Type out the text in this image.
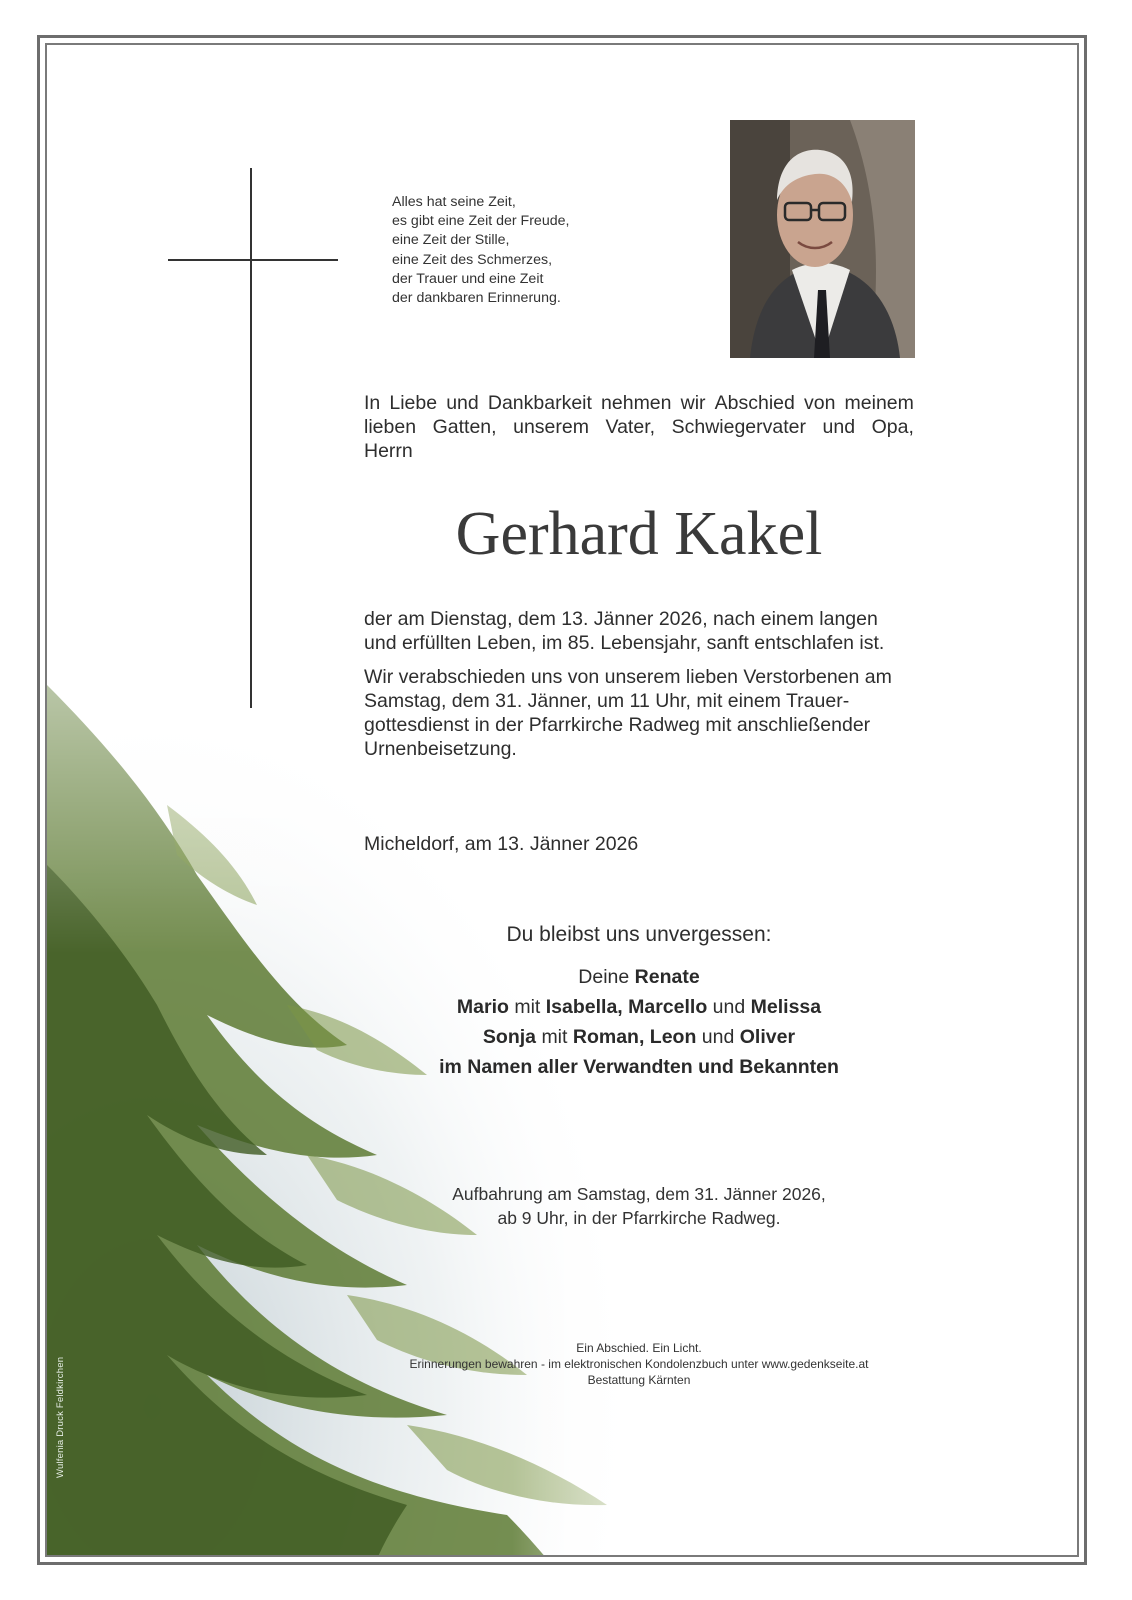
Alles hat seine Zeit,
es gibt eine Zeit der Freude,
eine Zeit der Stille,
eine Zeit des Schmerzes,
der Trauer und eine Zeit
der dankbaren Erinnerung.
In Liebe und Dankbarkeit nehmen wir Abschied von meinem
lieben Gatten, unserem Vater, Schwiegervater und Opa,
Herrn
Gerhard Kakel
der am Dienstag, dem 13. Jänner 2026, nach einem langen
und erfüllten Leben, im 85. Lebensjahr, sanft entschlafen ist.
Wir verabschieden uns von unserem lieben Verstorbenen am
Samstag, dem 31. Jänner, um 11 Uhr, mit einem Trauer-
gottesdienst in der Pfarrkirche Radweg mit anschließender
Urnenbeisetzung.
Micheldorf, am 13. Jänner 2026
Du bleibst uns unvergessen:
Deine Renate
Mario mit Isabella, Marcello und Melissa
Sonja mit Roman, Leon und Oliver
im Namen aller Verwandten und Bekannten
Aufbahrung am Samstag, dem 31. Jänner 2026,
ab 9 Uhr, in der Pfarrkirche Radweg.
Ein Abschied. Ein Licht.
Erinnerungen bewahren - im elektronischen Kondolenzbuch unter www.gedenkseite.at
Bestattung Kärnten
Wulfenia Druck Feldkirchen
